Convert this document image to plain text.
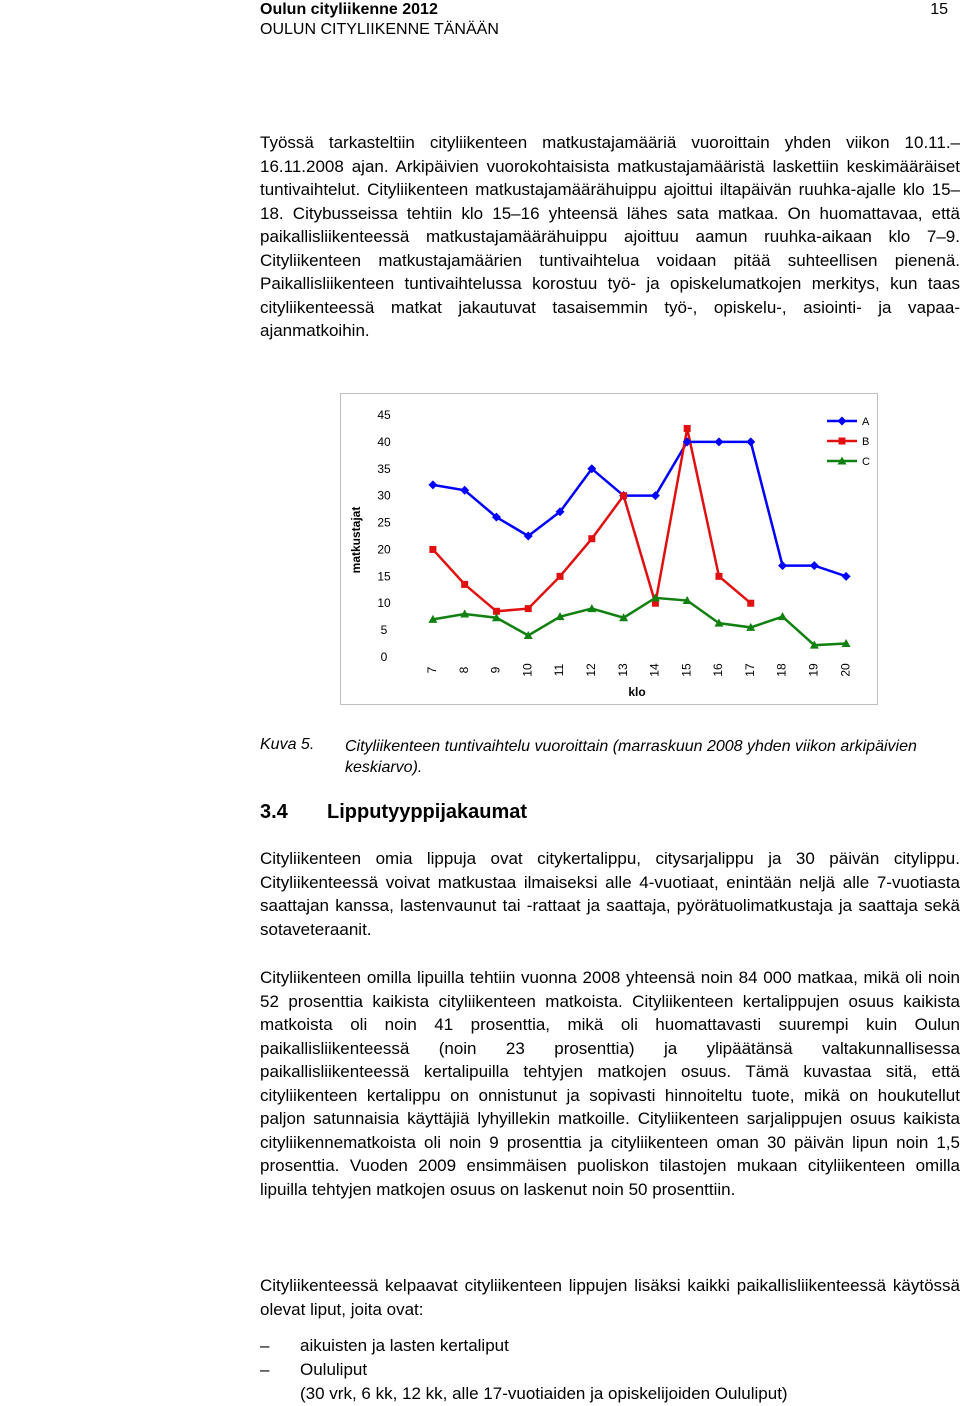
Oulun cityliikenne 2012
OULUN CITYLIIKENNE TÄNÄÄN
15
Työssä tarkasteltiin cityliikenteen matkustajamääriä vuoroittain yhden viikon 10.11.–16.11.2008 ajan. Arkipäivien vuorokohtaisista matkustajamääristä laskettiin keskimääräiset tuntivaihtelut. Cityliikenteen matkustajamäärähuippu ajoittui iltapäivän ruuhka-ajalle klo 15–18. Citybusseissa tehtiin klo 15–16 yhteensä lähes sata matkaa. On huomattavaa, että paikallisliikenteessä matkustajamäärähuippu ajoittuu aamun ruuhka-aikaan klo 7–9. Cityliikenteen matkustajamäärien tuntivaihtelua voidaan pitää suhteellisen pienenä. Paikallisliikenteen tuntivaihtelussa korostuu työ- ja opiskelumatkojen merkitys, kun taas cityliikenteessä matkat jakautuvat tasaisemmin työ-, opiskelu-, asiointi- ja vapaa-ajanmatkoihin.
matkustajat
klo
0
5
10
15
20
25
30
35
40
45
7 8 9 10 11 12 13 14 15 16 17 18 19 20
A
B
C
Kuva 5. Cityliikenteen tuntivaihtelu vuoroittain (marraskuun 2008 yhden viikon arkipäivien keskiarvo).
3.4 Lipputyyppijakaumat
Cityliikenteen omia lippuja ovat citykertalippu, citysarjalippu ja 30 päivän citylippu. Cityliikenteessä voivat matkustaa ilmaiseksi alle 4-vuotiaat, enintään neljä alle 7-vuotiasta saattajan kanssa, lastenvaunut tai -rattaat ja saattaja, pyörätuolimatkustaja ja saattaja sekä sotaveteraanit.
Cityliikenteen omilla lipuilla tehtiin vuonna 2008 yhteensä noin 84 000 matkaa, mikä oli noin 52 prosenttia kaikista cityliikenteen matkoista. Cityliikenteen kertalippujen osuus kaikista matkoista oli noin 41 prosenttia, mikä oli huomattavasti suurempi kuin Oulun paikallisliikenteessä (noin 23 prosenttia) ja ylipäätänsä valtakunnallisessa paikallisliikenteessä kertalipuilla tehtyjen matkojen osuus. Tämä kuvastaa sitä, että cityliikenteen kertalippu on onnistunut ja sopivasti hinnoiteltu tuote, mikä on houkutellut paljon satunnaisia käyttäjiä lyhyillekin matkoille. Cityliikenteen sarjalippujen osuus kaikista cityliikennematkoista oli noin 9 prosenttia ja cityliikenteen oman 30 päivän lipun noin 1,5 prosenttia. Vuoden 2009 ensimmäisen puoliskon tilastojen mukaan cityliikenteen omilla lipuilla tehtyjen matkojen osuus on laskenut noin 50 prosenttiin.
Cityliikenteessä kelpaavat cityliikenteen lippujen lisäksi kaikki paikallisliikenteessä käytössä olevat liput, joita ovat:
– aikuisten ja lasten kertaliput
– Oululiput
(30 vrk, 6 kk, 12 kk, alle 17-vuotiaiden ja opiskelijoiden Oululiput)
